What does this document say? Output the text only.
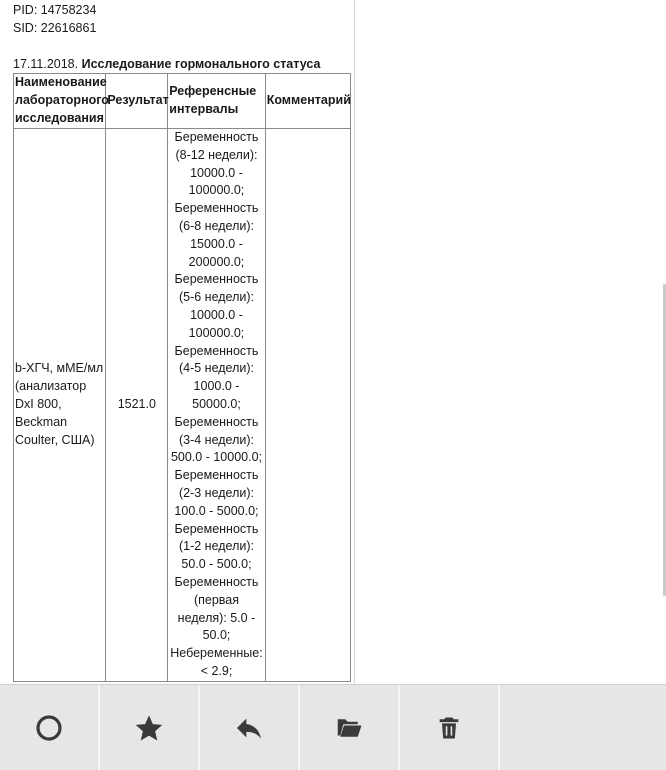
PID: 14758234
SID: 22616861
17.11.2018. Исследование гормонального статуса
Наименование лабораторного исследования	Результат	Референсные интервалы	Комментарий
b-ХГЧ, мМЕ/мл (анализатор DxI 800, Beckman Coulter, США)	1521.0	Беременность (8-12 недели): 10000.0 - 100000.0; Беременность (6-8 недели): 15000.0 - 200000.0; Беременность (5-6 недели): 10000.0 - 100000.0; Беременность (4-5 недели): 1000.0 - 50000.0; Беременность (3-4 недели): 500.0 - 10000.0; Беременность (2-3 недели): 100.0 - 5000.0; Беременность (1-2 недели): 50.0 - 500.0; Беременность (первая неделя): 5.0 - 50.0; Небеременные: < 2.9;	
